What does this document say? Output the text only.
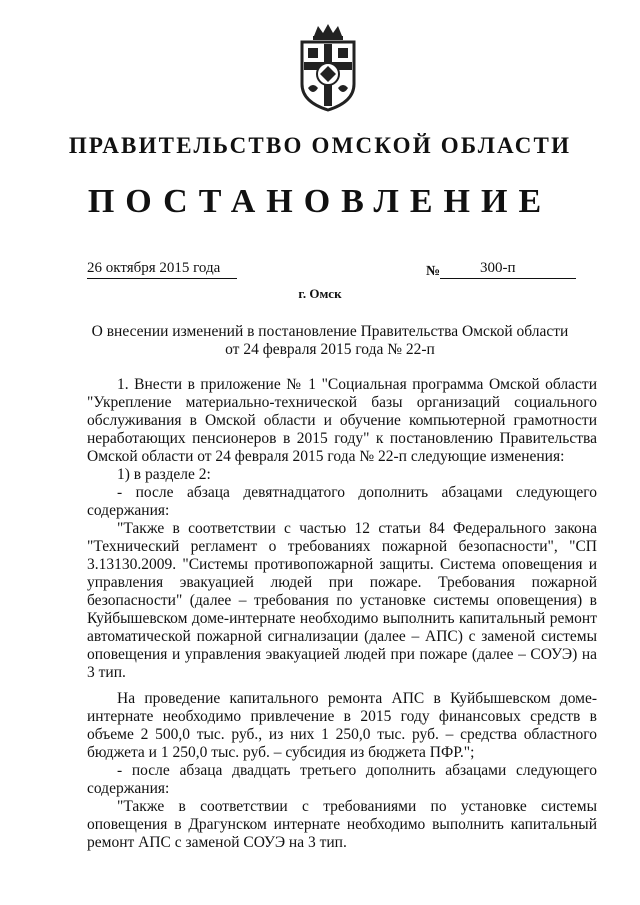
ПРАВИТЕЛЬСТВО ОМСКОЙ ОБЛАСТИ
ПОСТАНОВЛЕНИЕ
26 октября 2015 года	№	300-п
г. Омск
О внесении изменений в постановление Правительства Омской области
от 24 февраля 2015 года № 22-п

1. Внести в приложение № 1 "Социальная программа Омской области "Укрепление материально-технической базы организаций социального обслуживания в Омской области и обучение компьютерной грамотности неработающих пенсионеров в 2015 году" к постановлению Правительства Омской области от 24 февраля 2015 года № 22-п следующие изменения:

1) в разделе 2:

- после абзаца девятнадцатого дополнить абзацами следующего содержания:

"Также в соответствии с частью 12 статьи 84 Федерального закона "Технический регламент о требованиях пожарной безопасности", "СП 3.13130.2009. "Системы противопожарной защиты. Система оповещения и управления эвакуацией людей при пожаре. Требования пожарной безопасности" (далее – требования по установке системы оповещения) в Куйбышевском доме-интернате необходимо выполнить капитальный ремонт автоматической пожарной сигнализации (далее – АПС) с заменой системы оповещения и управления эвакуацией людей при пожаре (далее – СОУЭ) на 3 тип.

На проведение капитального ремонта АПС в Куйбышевском доме-интернате необходимо привлечение в 2015 году финансовых средств в объеме 2 500,0 тыс. руб., из них 1 250,0 тыс. руб. – средства областного бюджета и 1 250,0 тыс. руб. – субсидия из бюджета ПФР.";

- после абзаца двадцать третьего дополнить абзацами следующего содержания:

"Также в соответствии с требованиями по установке системы оповещения в Драгунском интернате необходимо выполнить капитальный ремонт АПС с заменой СОУЭ на 3 тип.
